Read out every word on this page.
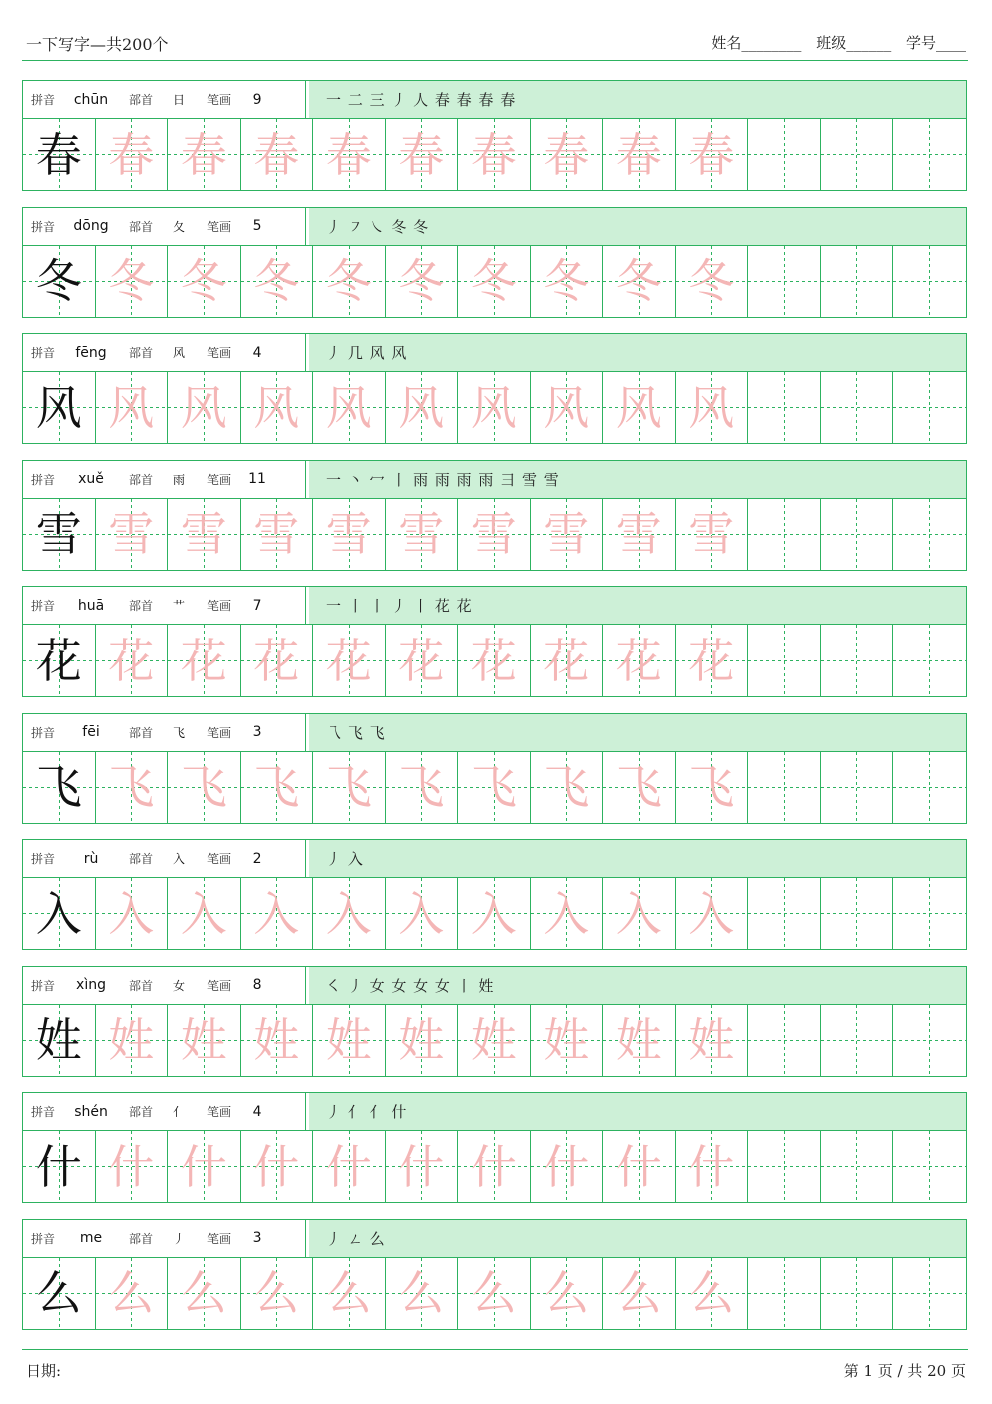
一下写字—共200个	姓名________ 班级______ 学号____
拼音	chūn	部首	日	笔画	9	一 二 三 丿 人 春 春 春 春
春 春 春 春 春 春 春 春 春 春
拼音	dōng	部首	夂	笔画	5	丿 ㇇ ㇏ 冬 冬
冬 冬 冬 冬 冬 冬 冬 冬 冬 冬
拼音	fēng	部首	风	笔画	4	丿 几 风 风
风 风 风 风 风 风 风 风 风 风
拼音	xuě	部首	雨	笔画	11	一 丶 冖 丨 雨 雨 雨 雨 ⺕ 雪 雪
雪 雪 雪 雪 雪 雪 雪 雪 雪 雪
拼音	huā	部首	艹	笔画	7	一 丨 丨 丿 丨 花 花
花 花 花 花 花 花 花 花 花 花
拼音	fēi	部首	飞	笔画	3	乁 飞 飞
飞 飞 飞 飞 飞 飞 飞 飞 飞 飞
拼音	rù	部首	入	笔画	2	丿 入
入 入 入 入 入 入 入 入 入 入
拼音	xìng	部首	女	笔画	8	㇛ 丿 女 女 女 女 丨 姓
姓 姓 姓 姓 姓 姓 姓 姓 姓 姓
拼音	shén	部首	亻	笔画	4	丿 亻 亻 什
什 什 什 什 什 什 什 什 什 什
拼音	me	部首	丿	笔画	3	丿 ㄥ 么
么 么 么 么 么 么 么 么 么 么
日期:	第 1 页 / 共 20 页
